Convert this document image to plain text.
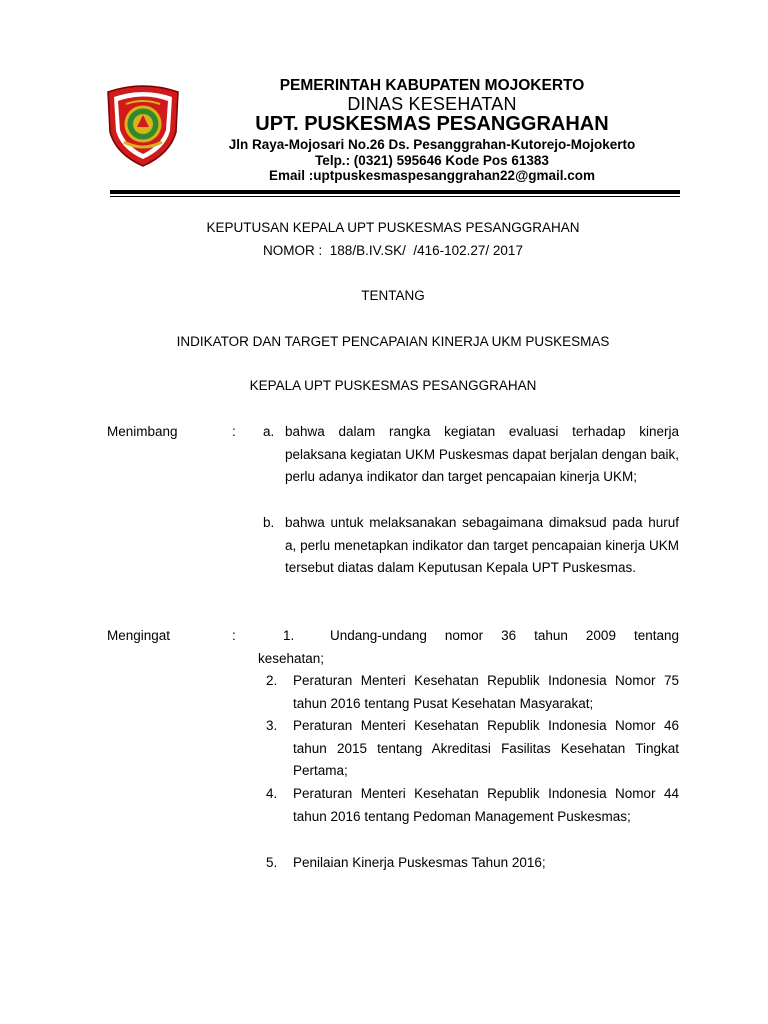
PEMERINTAH KABUPATEN MOJOKERTO
DINAS KESEHATAN
UPT. PUSKESMAS PESANGGRAHAN
Jln Raya-Mojosari No.26 Ds. Pesanggrahan-Kutorejo-Mojokerto
Telp.: (0321) 595646 Kode Pos 61383
Email :uptpuskesmaspesanggrahan22@gmail.com
KEPUTUSAN KEPALA UPT PUSKESMAS PESANGGRAHAN
NOMOR :  188/B.IV.SK/  /416-102.27/ 2017
TENTANG
INDIKATOR DAN TARGET PENCAPAIAN KINERJA UKM PUSKESMAS
KEPALA UPT PUSKESMAS PESANGGRAHAN
Menimbang	: a. bahwa dalam rangka kegiatan evaluasi terhadap kinerja pelaksana kegiatan UKM Puskesmas dapat berjalan dengan baik, perlu adanya indikator dan target pencapaian kinerja UKM;
b. bahwa untuk melaksanakan sebagaimana dimaksud pada huruf a, perlu menetapkan indikator dan target pencapaian kinerja UKM tersebut diatas dalam Keputusan Kepala UPT Puskesmas.
Mengingat	:	1.	Undang-undang nomor 36 tahun 2009 tentang
kesehatan;
2. Peraturan Menteri Kesehatan Republik Indonesia Nomor 75 tahun 2016 tentang Pusat Kesehatan Masyarakat;
3. Peraturan Menteri Kesehatan Republik Indonesia Nomor 46 tahun 2015 tentang Akreditasi Fasilitas Kesehatan Tingkat Pertama;
4. Peraturan Menteri Kesehatan Republik Indonesia Nomor 44 tahun 2016 tentang Pedoman Management Puskesmas;
5. Penilaian Kinerja Puskesmas Tahun 2016;
